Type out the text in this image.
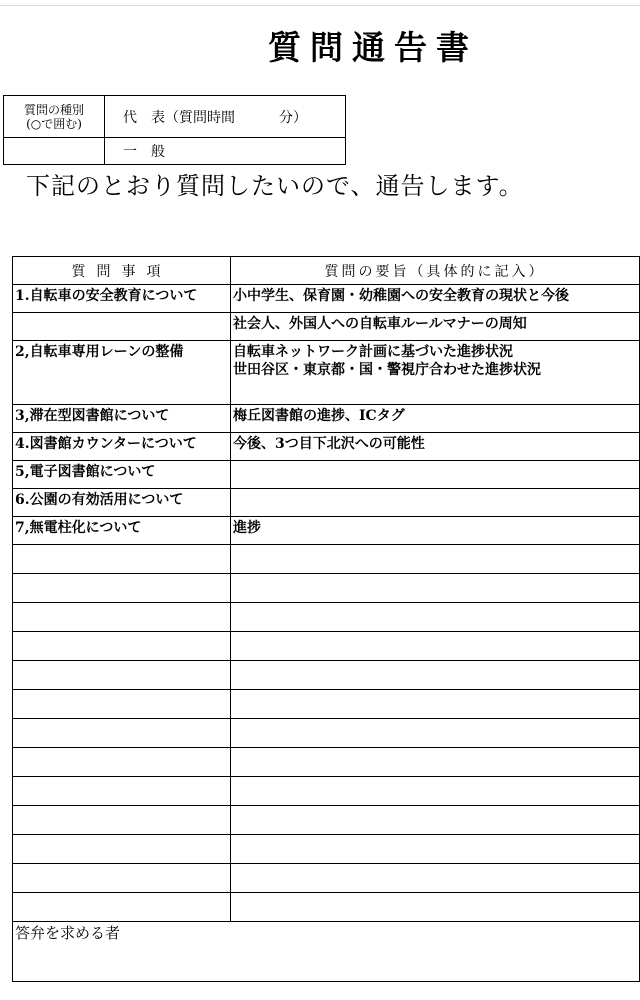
質問通告書
質問の種別
(○で囲む)	代 表（質問時間 分）
	一　般
下記のとおり質問したいので、通告します。
質問事項	質問の要旨（具体的に記入）
1.自転車の安全教育について	小中学生、保育園・幼稚園への安全教育の現状と今後

	社会人、外国人への自転車ルールマナーの周知

2,自転車専用レーンの整備	自転車ネットワーク計画に基づいた進捗状況
世田谷区・東京都・国・警視庁合わせた進捗状況

3,滞在型図書館について	梅丘図書館の進捗、ICタグ

4.図書館カウンターについて	今後、3つ目下北沢への可能性

5,電子図書館について	

6.公園の有効活用について	

7,無電柱化について	進捗

答弁を求める者	
